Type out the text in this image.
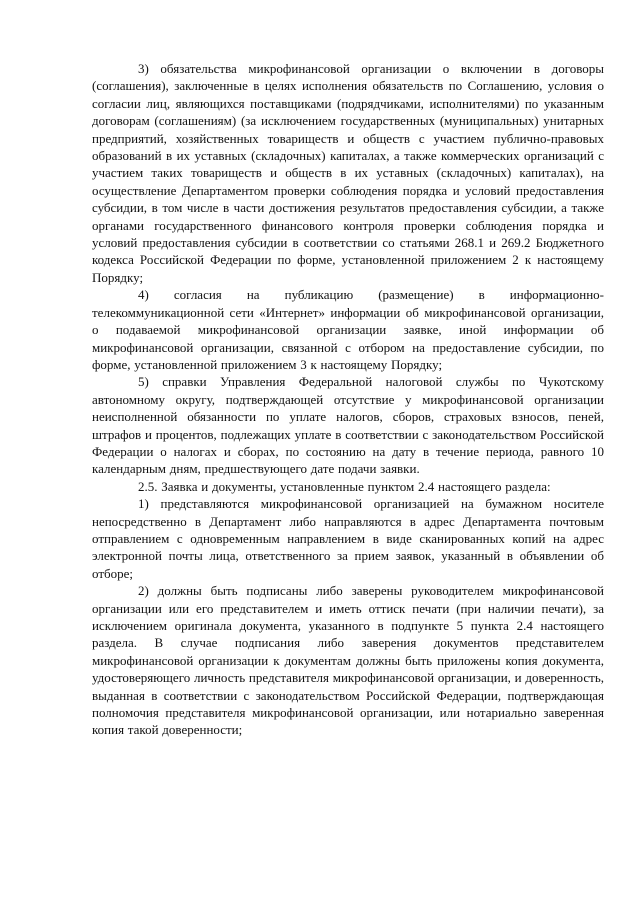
3) обязательства микрофинансовой организации о включении в договоры (соглашения), заключенные в целях исполнения обязательств по Соглашению, условия о согласии лиц, являющихся поставщиками (подрядчиками, исполнителями) по указанным договорам (соглашениям) (за исключением государственных (муниципальных) унитарных предприятий, хозяйственных товариществ и обществ с участием публично-правовых образований в их уставных (складочных) капиталах, а также коммерческих организаций с участием таких товариществ и обществ в их уставных (складочных) капиталах), на осуществление Департаментом проверки соблюдения порядка и условий предоставления субсидии, в том числе в части достижения результатов предоставления субсидии, а также органами государственного финансового контроля проверки соблюдения порядка и условий предоставления субсидии в соответствии со статьями 268.1 и 269.2 Бюджетного кодекса Российской Федерации по форме, установленной приложением 2 к настоящему Порядку;

4) согласия на публикацию (размещение) в информационно-телекоммуникационной сети «Интернет» информации об микрофинансовой организации, о подаваемой микрофинансовой организации заявке, иной информации об микрофинансовой организации, связанной с отбором на предоставление субсидии, по форме, установленной приложением 3 к настоящему Порядку;

5) справки Управления Федеральной налоговой службы по Чукотскому автономному округу, подтверждающей отсутствие у микрофинансовой организации неисполненной обязанности по уплате налогов, сборов, страховых взносов, пеней, штрафов и процентов, подлежащих уплате в соответствии с законодательством Российской Федерации о налогах и сборах, по состоянию на дату в течение периода, равного 10 календарным дням, предшествующего дате подачи заявки.

2.5. Заявка и документы, установленные пунктом 2.4 настоящего раздела:

1) представляются микрофинансовой организацией на бумажном носителе непосредственно в Департамент либо направляются в адрес Департамента почтовым отправлением с одновременным направлением в виде сканированных копий на адрес электронной почты лица, ответственного за прием заявок, указанный в объявлении об отборе;

2) должны быть подписаны либо заверены руководителем микрофинансовой организации или его представителем и иметь оттиск печати (при наличии печати), за исключением оригинала документа, указанного в подпункте 5 пункта 2.4 настоящего раздела. В случае подписания либо заверения документов представителем микрофинансовой организации к документам должны быть приложены копия документа, удостоверяющего личность представителя микрофинансовой организации, и доверенность, выданная в соответствии с законодательством Российской Федерации, подтверждающая полномочия представителя микрофинансовой организации, или нотариально заверенная копия такой доверенности;
